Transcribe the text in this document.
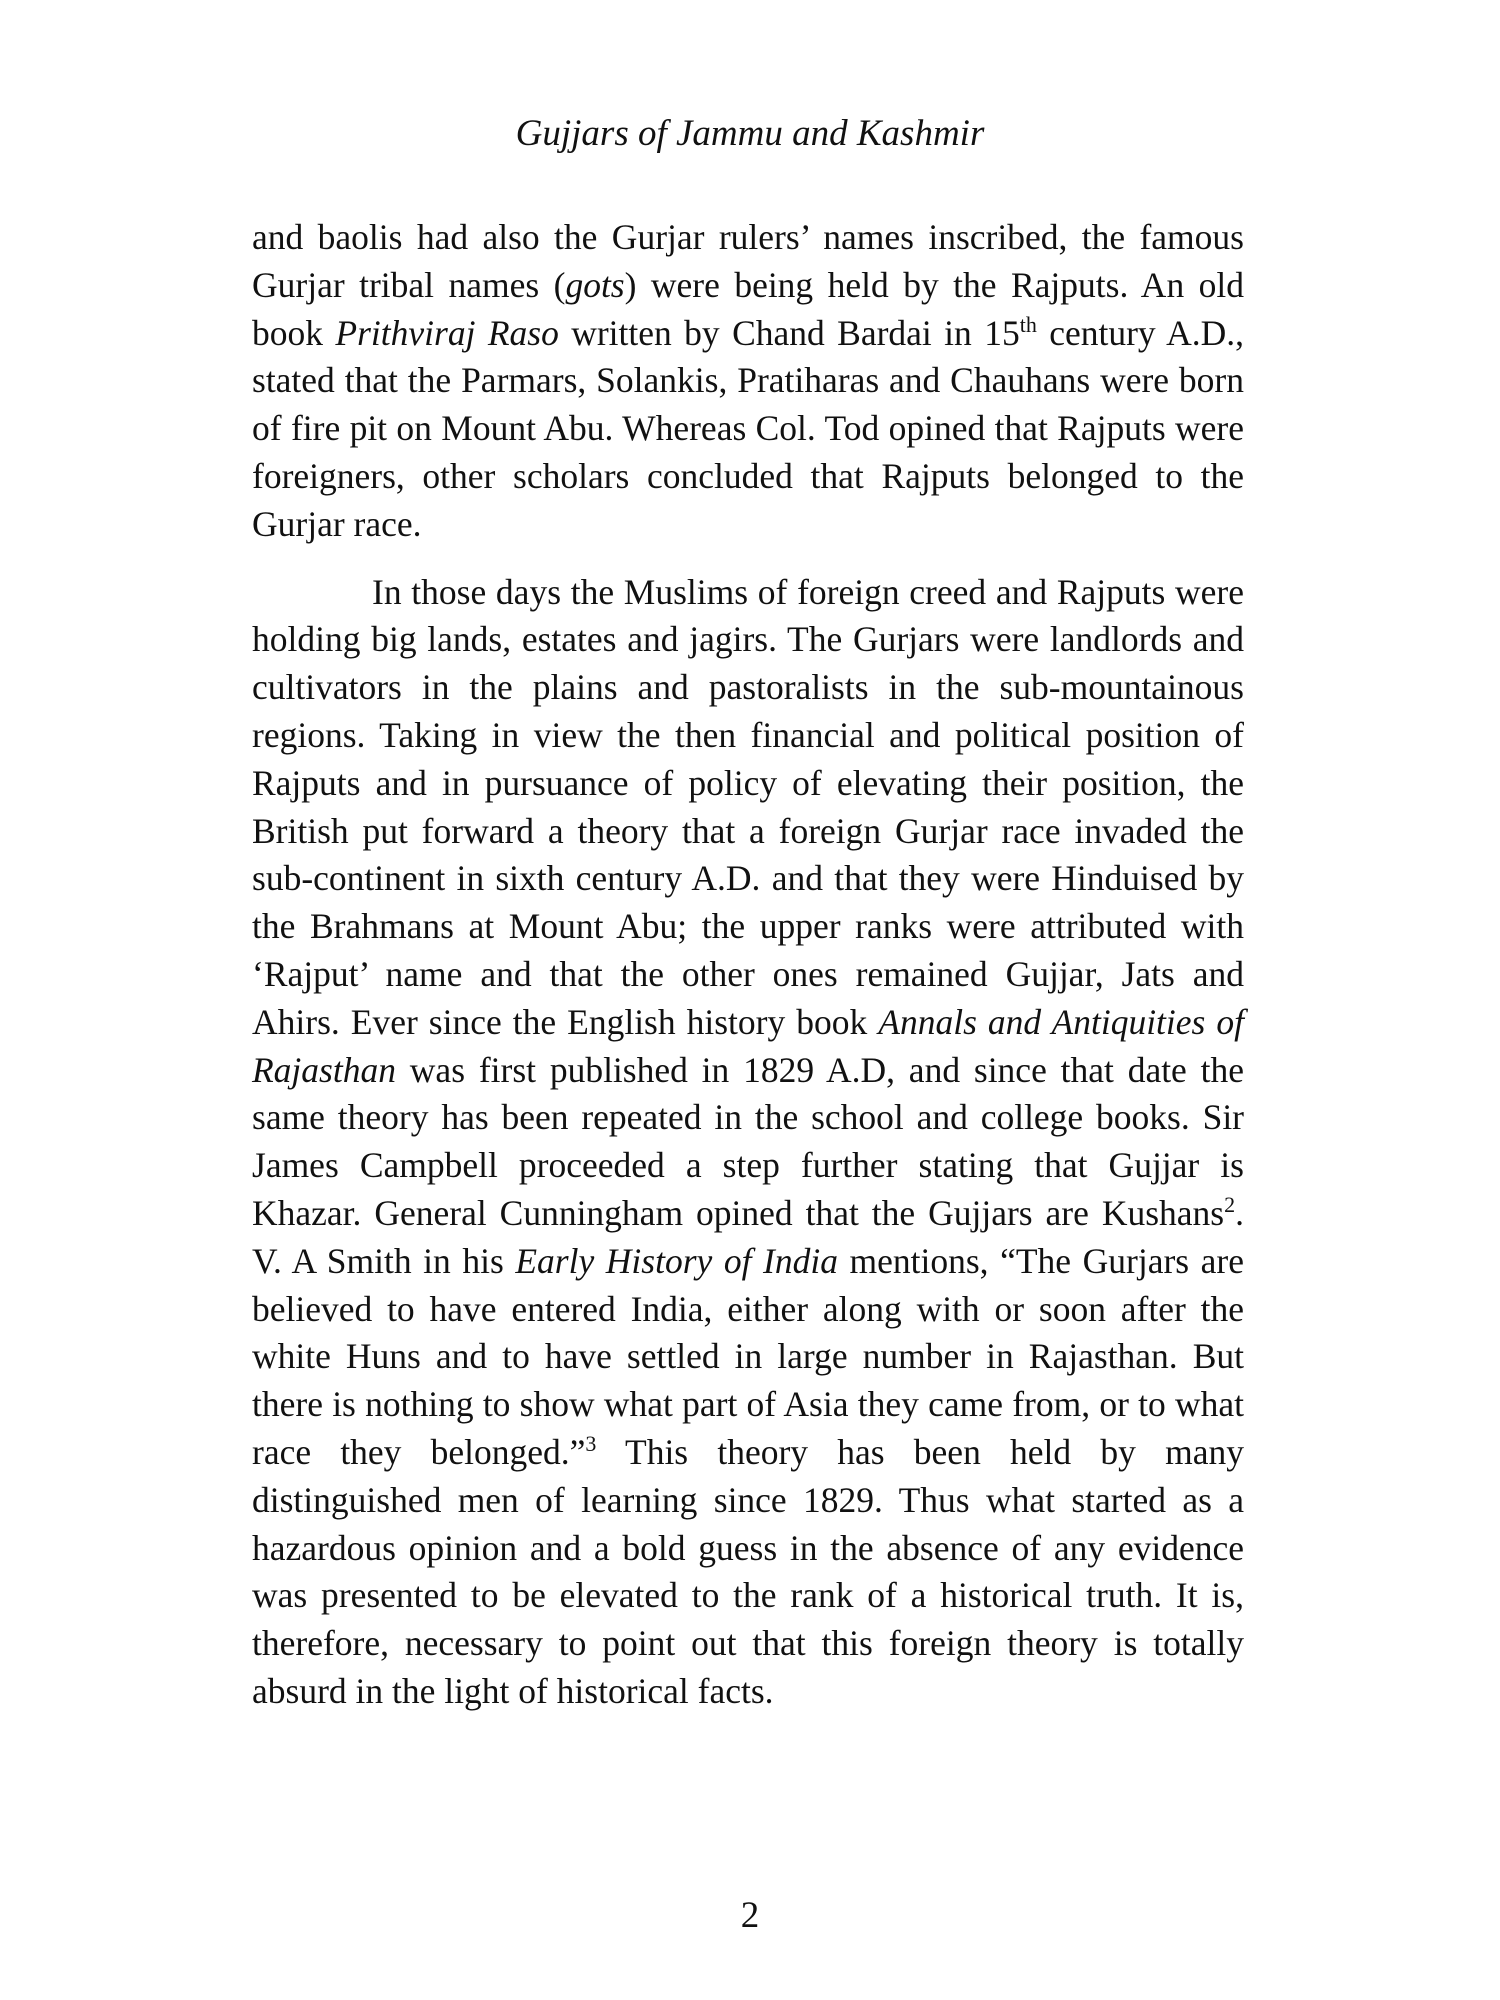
Gujjars of Jammu and Kashmir

and baolis had also the Gurjar rulers’ names inscribed, the famous Gurjar tribal names (gots) were being held by the Rajputs. An old book Prithviraj Raso written by Chand Bardai in 15th century A.D., stated that the Parmars, Solankis, Pratiharas and Chauhans were born of fire pit on Mount Abu. Whereas Col. Tod opined that Rajputs were foreigners, other scholars concluded that Rajputs belonged to the Gurjar race.

In those days the Muslims of foreign creed and Rajputs were holding big lands, estates and jagirs. The Gurjars were landlords and cultivators in the plains and pastoralists in the sub-mountainous regions. Taking in view the then financial and political position of Rajputs and in pursuance of policy of elevating their position, the British put forward a theory that a foreign Gurjar race invaded the sub-continent in sixth century A.D. and that they were Hinduised by the Brahmans at Mount Abu; the upper ranks were attributed with ‘Rajput’ name and that the other ones remained Gujjar, Jats and Ahirs. Ever since the English history book Annals and Antiquities of Rajasthan was first published in 1829 A.D, and since that date the same theory has been repeated in the school and college books. Sir James Campbell proceeded a step further stating that Gujjar is Khazar. General Cunningham opined that the Gujjars are Kushans$^2$. V. A Smith in his Early History of India mentions, “The Gurjars are believed to have entered India, either along with or soon after the white Huns and to have settled in large number in Rajasthan. But there is nothing to show what part of Asia they came from, or to what race they belonged.”$^3$ This theory has been held by many distinguished men of learning since 1829. Thus what started as a hazardous opinion and a bold guess in the absence of any evidence was presented to be elevated to the rank of a historical truth. It is, therefore, necessary to point out that this foreign theory is totally absurd in the light of historical facts.

2
